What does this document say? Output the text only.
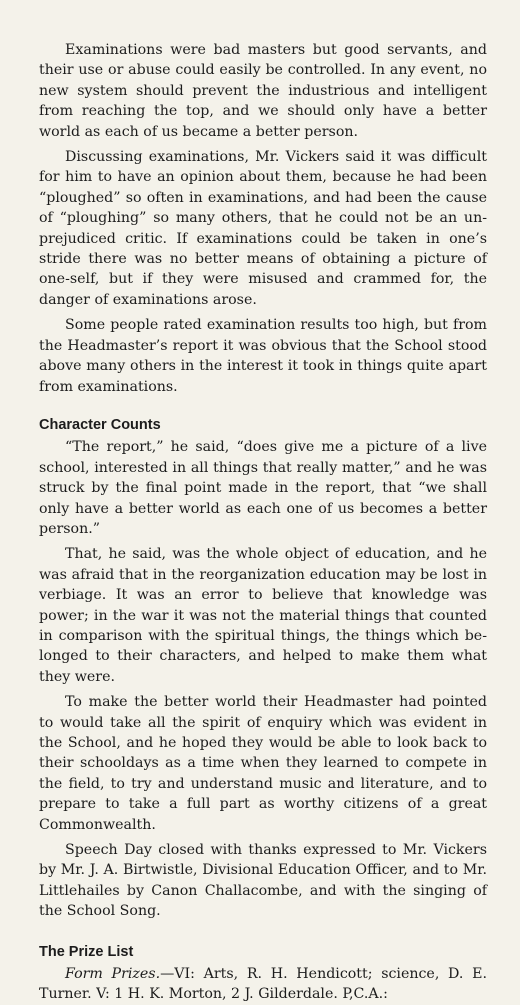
Examinations were bad masters but good servants, and their use or abuse could easily be controlled. In any event, no new system should prevent the industrious and intelligent from reaching the top, and we should only have a better world as each of us became a better person.

Discussing examinations, Mr. Vickers said it was difficult for him to have an opinion about them, because he had been “ploughed” so often in examinations, and had been the cause of “ploughing” so many others, that he could not be an un-prejudiced critic. If examinations could be taken in one’s stride there was no better means of obtaining a picture of one-self, but if they were misused and crammed for, the danger of examinations arose.

Some people rated examination results too high, but from the Headmaster’s report it was obvious that the School stood above many others in the interest it took in things quite apart from examinations.

Character Counts

“The report,” he said, “does give me a picture of a live school, interested in all things that really matter,” and he was struck by the final point made in the report, that “we shall only have a better world as each one of us becomes a better person.”

That, he said, was the whole object of education, and he was afraid that in the reorganization education may be lost in verbiage. It was an error to believe that knowledge was power; in the war it was not the material things that counted in comparison with the spiritual things, the things which be-longed to their characters, and helped to make them what they were.

To make the better world their Headmaster had pointed to would take all the spirit of enquiry which was evident in the School, and he hoped they would be able to look back to their schooldays as a time when they learned to compete in the field, to try and understand music and literature, and to prepare to take a full part as worthy citizens of a great Commonwealth.

Speech Day closed with thanks expressed to Mr. Vickers by Mr. J. A. Birtwistle, Divisional Education Officer, and to Mr. Littlehailes by Canon Challacombe, and with the singing of the School Song.

The Prize List

Form Prizes.—VI: Arts, R. H. Hendicott; science, D. E. Turner. V: 1 H. K. Morton, 2 J. Gilderdale. P,C.A.:
